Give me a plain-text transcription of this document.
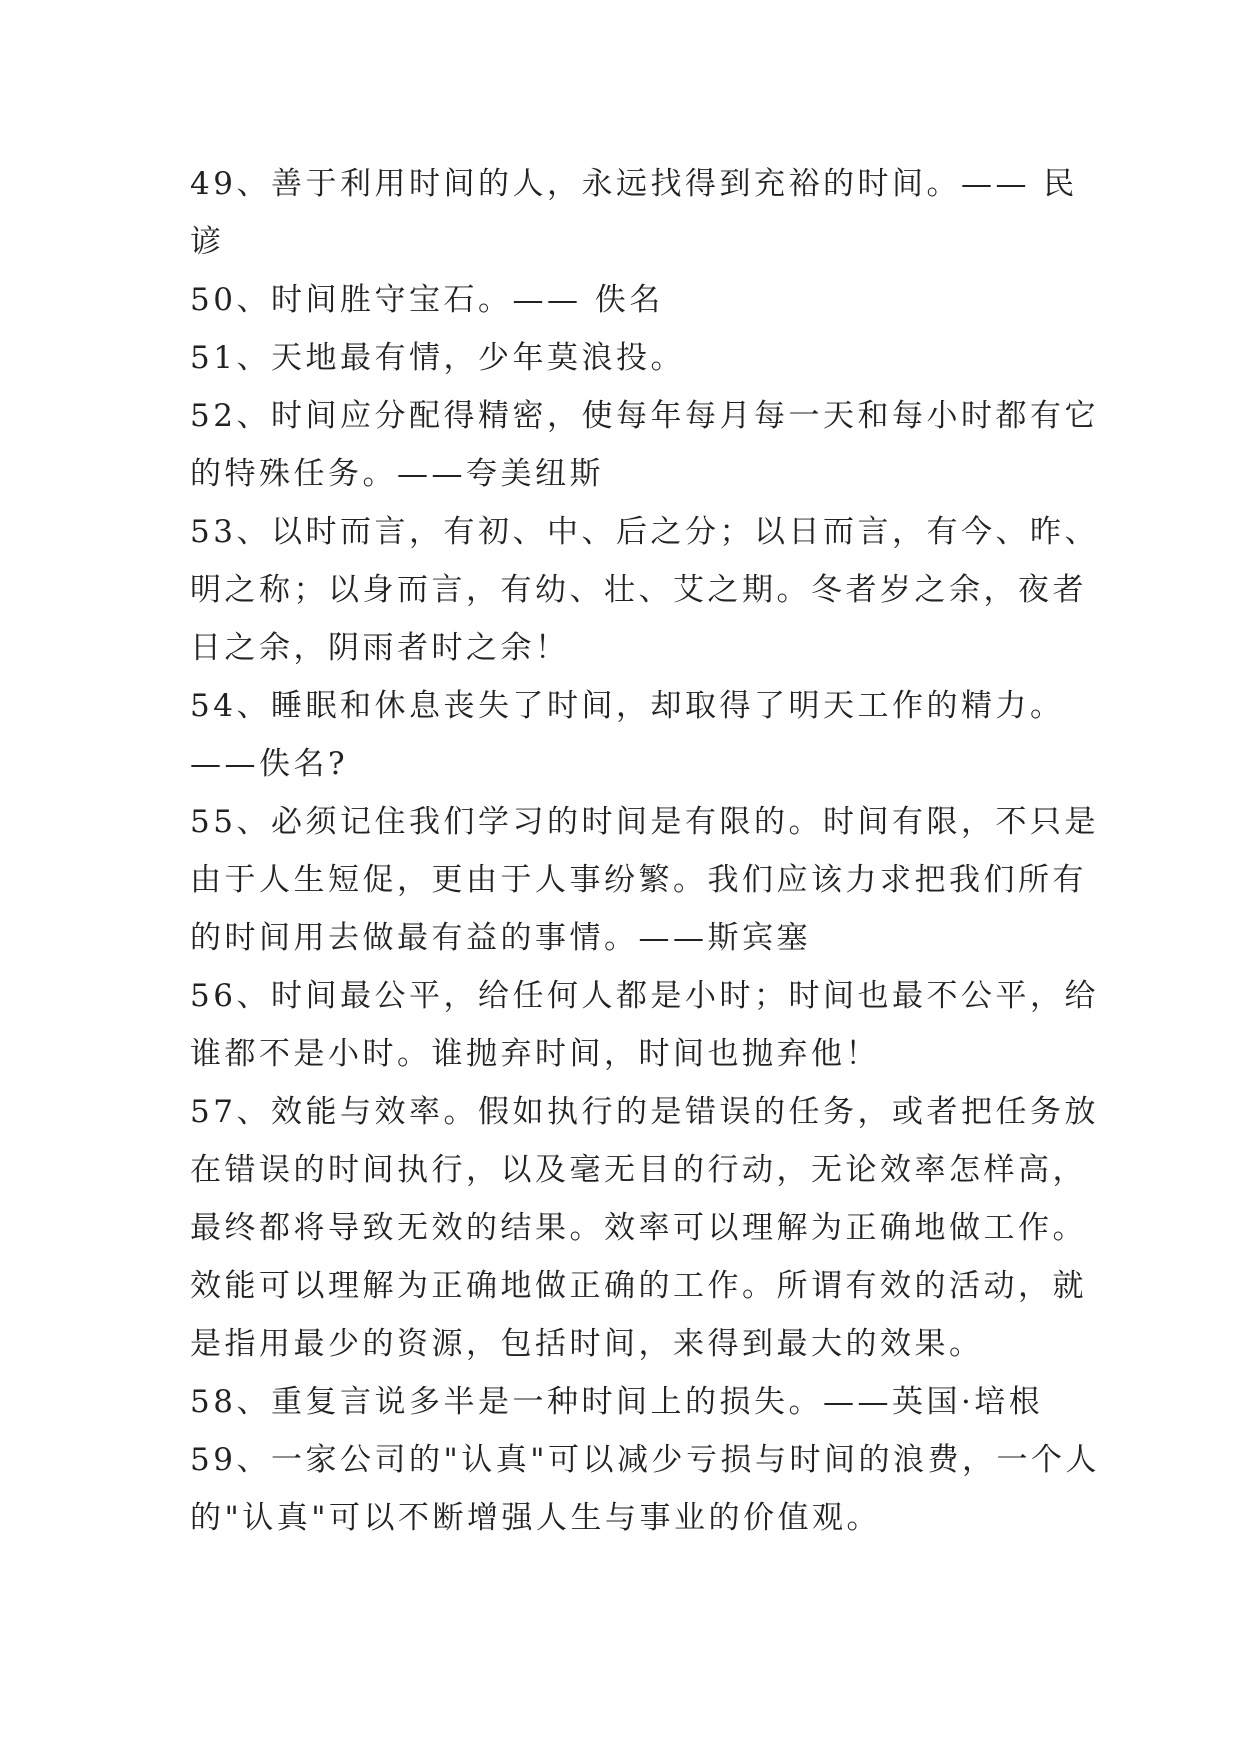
49、善于利用时间的人，永远找得到充裕的时间。—— 民
谚
50、时间胜守宝石。—— 佚名
51、天地最有情，少年莫浪投。
52、时间应分配得精密，使每年每月每一天和每小时都有它
的特殊任务。——夸美纽斯
53、以时而言，有初、中、后之分；以日而言，有今、昨、
明之称；以身而言，有幼、壮、艾之期。冬者岁之余，夜者
日之余，阴雨者时之余！
54、睡眠和休息丧失了时间，却取得了明天工作的精力。
——佚名?
55、必须记住我们学习的时间是有限的。时间有限，不只是
由于人生短促，更由于人事纷繁。我们应该力求把我们所有
的时间用去做最有益的事情。——斯宾塞
56、时间最公平，给任何人都是小时；时间也最不公平，给
谁都不是小时。谁抛弃时间，时间也抛弃他！
57、效能与效率。假如执行的是错误的任务，或者把任务放
在错误的时间执行，以及毫无目的行动，无论效率怎样高，
最终都将导致无效的结果。效率可以理解为正确地做工作。
效能可以理解为正确地做正确的工作。所谓有效的活动，就
是指用最少的资源，包括时间，来得到最大的效果。
58、重复言说多半是一种时间上的损失。——英国·培根
59、一家公司的"认真"可以减少亏损与时间的浪费，一个人
的"认真"可以不断增强人生与事业的价值观。
